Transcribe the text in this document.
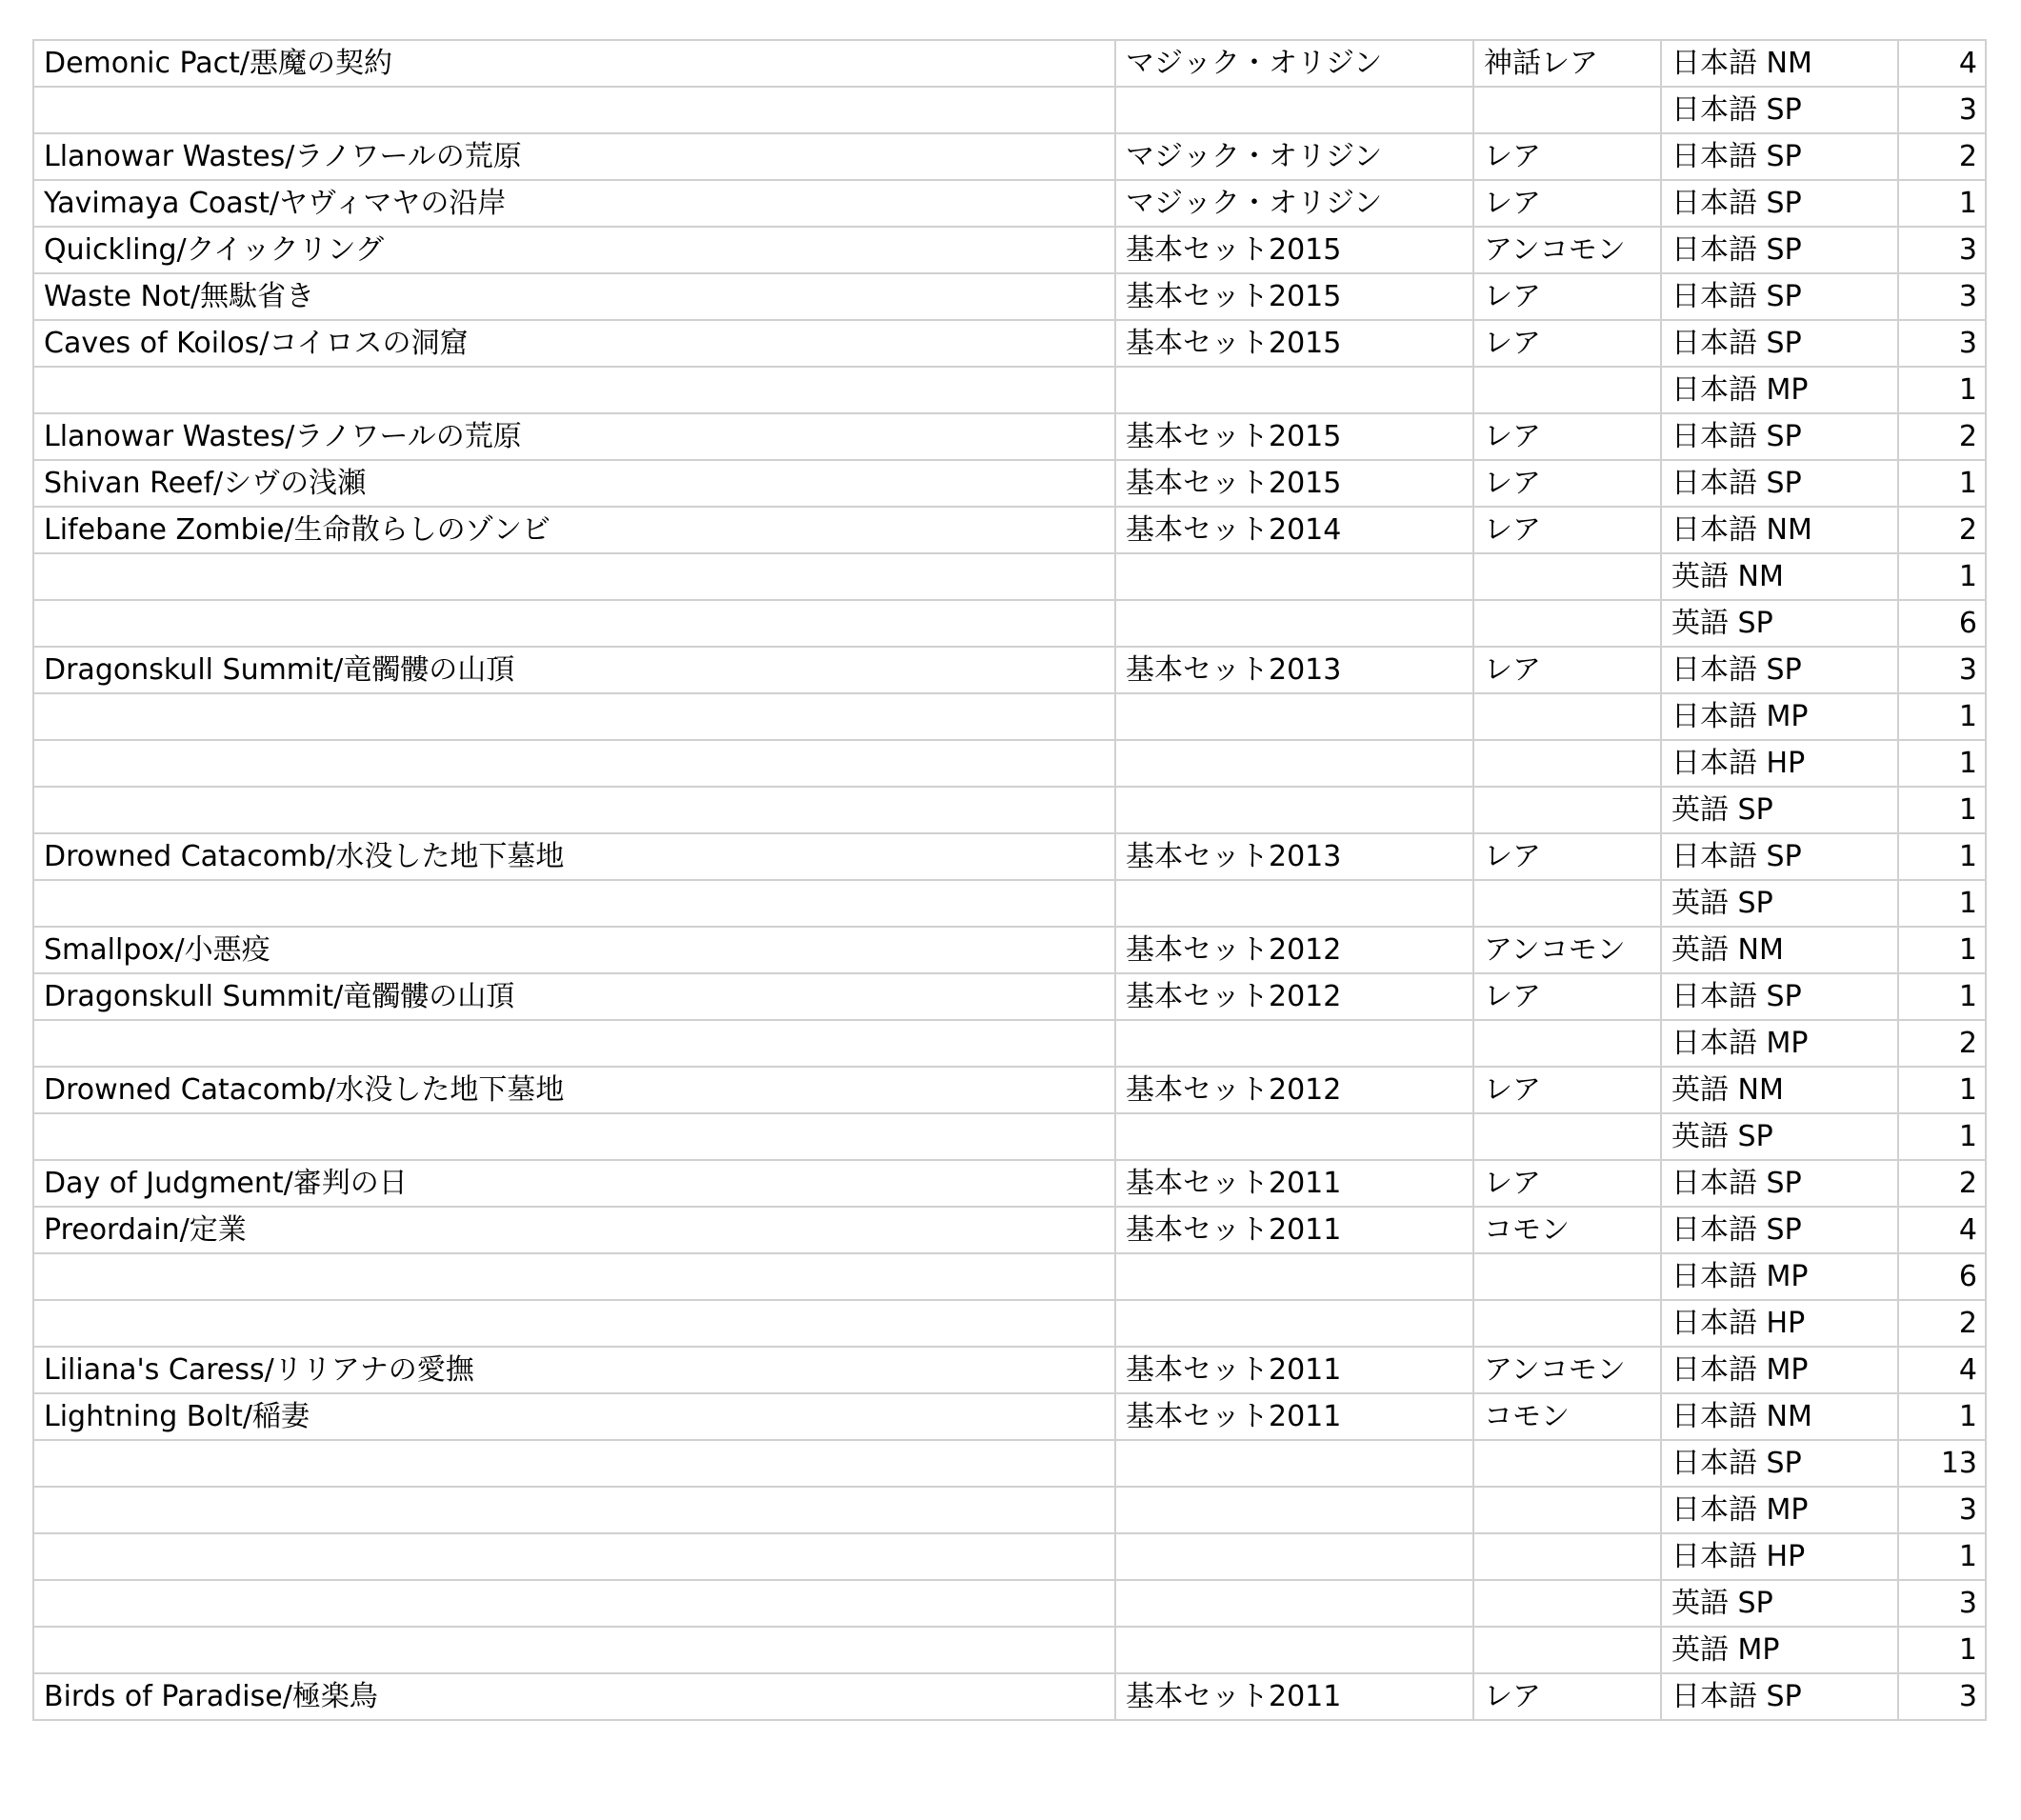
Demonic Pact/悪魔の契約	マジック・オリジン	神話レア	日本語 NM	4
			日本語 SP	3
Llanowar Wastes/ラノワールの荒原	マジック・オリジン	レア	日本語 SP	2
Yavimaya Coast/ヤヴィマヤの沿岸	マジック・オリジン	レア	日本語 SP	1
Quickling/クイックリング	基本セット2015	アンコモン	日本語 SP	3
Waste Not/無駄省き	基本セット2015	レア	日本語 SP	3
Caves of Koilos/コイロスの洞窟	基本セット2015	レア	日本語 SP	3
			日本語 MP	1
Llanowar Wastes/ラノワールの荒原	基本セット2015	レア	日本語 SP	2
Shivan Reef/シヴの浅瀬	基本セット2015	レア	日本語 SP	1
Lifebane Zombie/生命散らしのゾンビ	基本セット2014	レア	日本語 NM	2
			英語 NM	1
			英語 SP	6
Dragonskull Summit/竜髑髏の山頂	基本セット2013	レア	日本語 SP	3
			日本語 MP	1
			日本語 HP	1
			英語 SP	1
Drowned Catacomb/水没した地下墓地	基本セット2013	レア	日本語 SP	1
			英語 SP	1
Smallpox/小悪疫	基本セット2012	アンコモン	英語 NM	1
Dragonskull Summit/竜髑髏の山頂	基本セット2012	レア	日本語 SP	1
			日本語 MP	2
Drowned Catacomb/水没した地下墓地	基本セット2012	レア	英語 NM	1
			英語 SP	1
Day of Judgment/審判の日	基本セット2011	レア	日本語 SP	2
Preordain/定業	基本セット2011	コモン	日本語 SP	4
			日本語 MP	6
			日本語 HP	2
Liliana's Caress/リリアナの愛撫	基本セット2011	アンコモン	日本語 MP	4
Lightning Bolt/稲妻	基本セット2011	コモン	日本語 NM	1
			日本語 SP	13
			日本語 MP	3
			日本語 HP	1
			英語 SP	3
			英語 MP	1
Birds of Paradise/極楽鳥	基本セット2011	レア	日本語 SP	3
